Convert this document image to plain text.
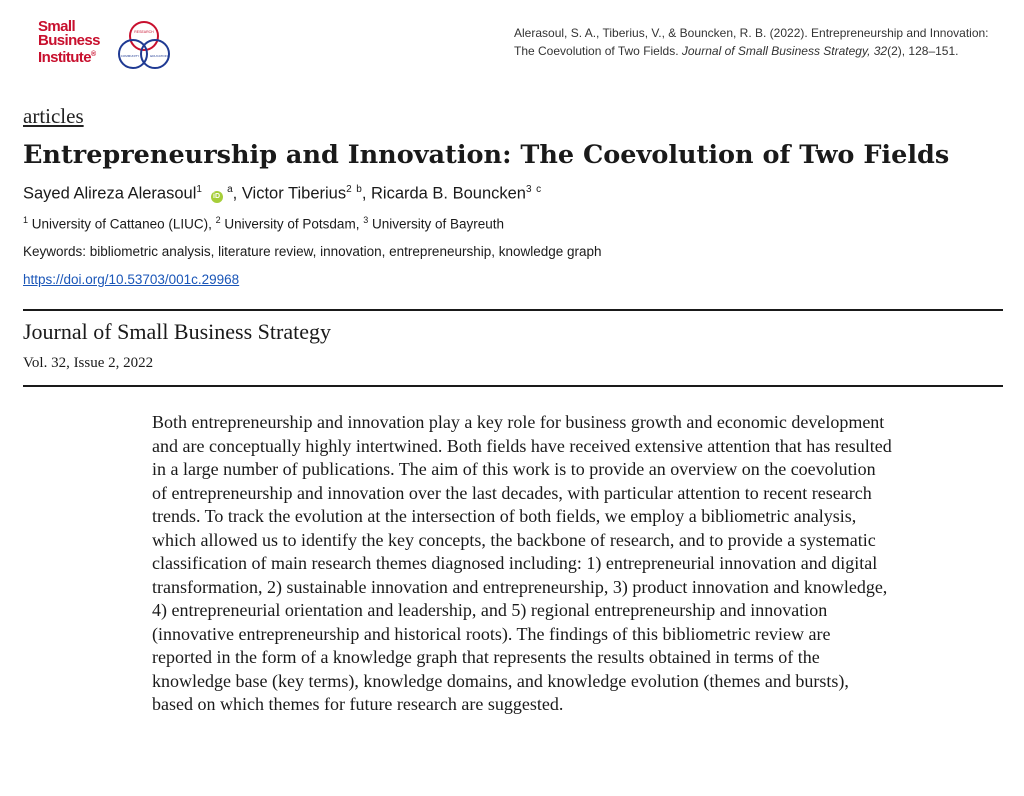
Small
Business
Institute®
RESEARCH
COMMUNITY	EDUCATION
Alerasoul, S. A., Tiberius, V., & Bouncken, R. B. (2022). Entrepreneurship and Innovation: The Coevolution of Two Fields. Journal of Small Business Strategy, 32(2), 128–151.
articles
Entrepreneurship and Innovation: The Coevolution of Two Fields
Sayed Alireza Alerasoul$^1$ iD $^a$, Victor Tiberius$^2$ $^b$, Ricarda B. Bouncken$^3$ $^c$
$^1$ University of Cattaneo (LIUC), $^2$ University of Potsdam, $^3$ University of Bayreuth
Keywords: bibliometric analysis, literature review, innovation, entrepreneurship, knowledge graph
https://doi.org/10.53703/001c.29968
Journal of Small Business Strategy
Vol. 32, Issue 2, 2022

Both entrepreneurship and innovation play a key role for business growth and economic development and are conceptually highly intertwined. Both fields have received extensive attention that has resulted in a large number of publications. The aim of this work is to provide an overview on the coevolution of entrepreneurship and innovation over the last decades, with particular attention to recent research trends. To track the evolution at the intersection of both fields, we employ a bibliometric analysis, which allowed us to identify the key concepts, the backbone of research, and to provide a systematic classification of main research themes diagnosed including: 1) entrepreneurial innovation and digital transformation, 2) sustainable innovation and entrepreneurship, 3) product innovation and knowledge, 4) entrepreneurial orientation and leadership, and 5) regional entrepreneurship and innovation (innovative entrepreneurship and historical roots). The findings of this bibliometric review are reported in the form of a knowledge graph that represents the results obtained in terms of the knowledge base (key terms), knowledge domains, and knowledge evolution (themes and bursts), based on which themes for future research are suggested.
